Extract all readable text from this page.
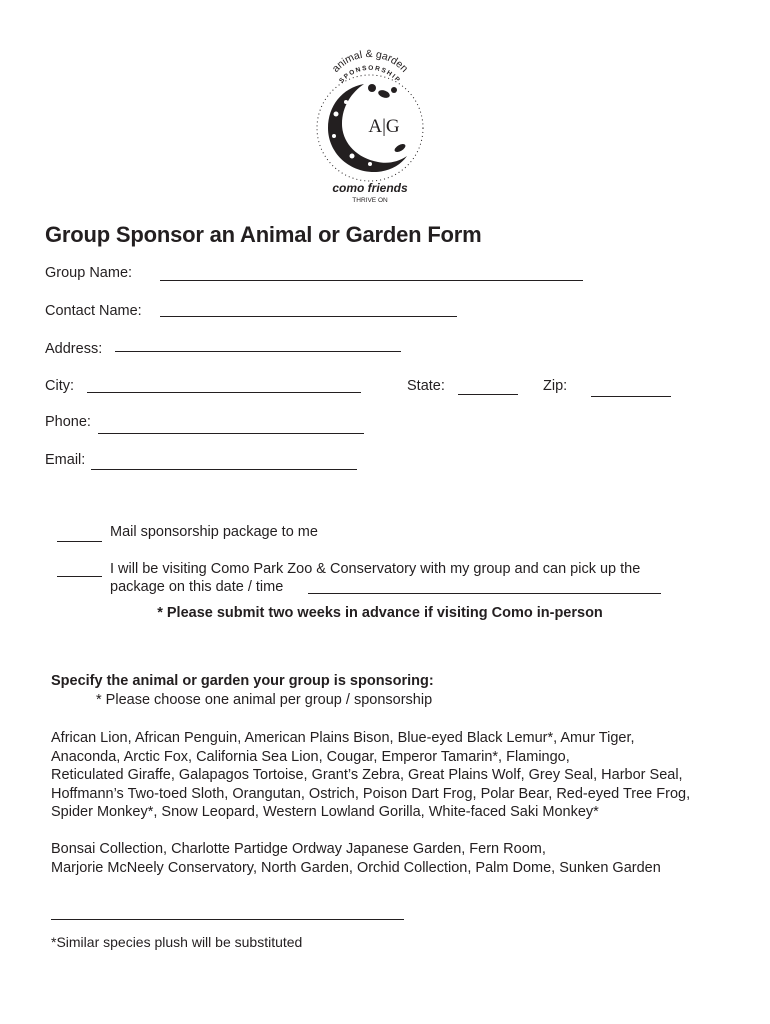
animal & garden
SPONSORSHIP
A|G
como friends
THRIVE ON
Group Sponsor an Animal or Garden Form
Group Name:
Contact Name:
Address:
City:	State:	Zip:
Phone:
Email:
Mail sponsorship package to me
I will be visiting Como Park Zoo & Conservatory with my group and can pick up the
package on this date / time
* Please submit two weeks in advance if visiting Como in-person
Specify the animal or garden your group is sponsoring:
* Please choose one animal per group / sponsorship
African Lion, African Penguin, American Plains Bison, Blue-eyed Black Lemur*, Amur Tiger,
Anaconda, Arctic Fox, California Sea Lion, Cougar, Emperor Tamarin*, Flamingo,
Reticulated Giraffe, Galapagos Tortoise, Grant’s Zebra, Great Plains Wolf, Grey Seal, Harbor Seal,
Hoffmann’s Two-toed Sloth, Orangutan, Ostrich, Poison Dart Frog, Polar Bear, Red-eyed Tree Frog,
Spider Monkey*, Snow Leopard, Western Lowland Gorilla, White-faced Saki Monkey*
Bonsai Collection, Charlotte Partidge Ordway Japanese Garden, Fern Room,
Marjorie McNeely Conservatory, North Garden, Orchid Collection, Palm Dome, Sunken Garden
*Similar species plush will be substituted
